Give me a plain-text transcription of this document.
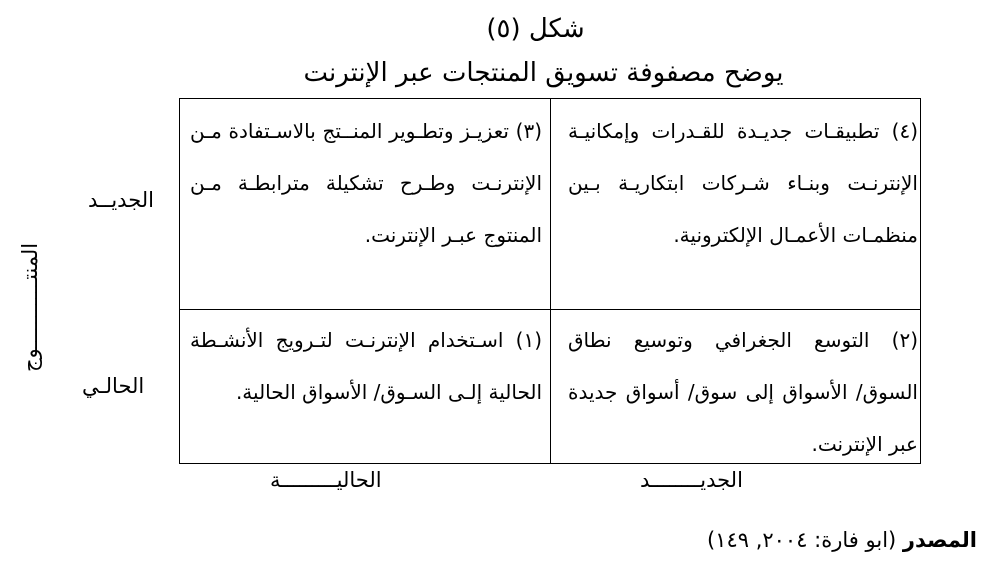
شكل (٥)
يوضح مصفوفة تسويق المنتجات عبر الإنترنت
المنتـــــــــــوج
الجديــد
الحالـي
(٤) تطبيقـات جديـدة للقـدرات وإمكانيـة الإنترنـت وبنـاء شـركات ابتكاريـة بـين منظمـات الأعمـال الإلكترونية.
(٣) تعزيـز وتطـوير المنــتج بالاسـتفادة مـن الإنترنـت وطـرح تشكيلة مترابطـة مـن المنتوج عبـر الإنترنت.
(٢) التوسع الجغرافي وتوسيع نطاق السوق/ الأسواق إلى سوق/ أسواق جديدة عبر الإنترنت.
(١) اسـتخدام الإنترنـت لتـرويج الأنشـطة الحالية إلـى السـوق/ الأسواق الحالية.
الجديــــــــد
الحاليـــــــــة
المصدر (ابو فارة: ٢٠٠٤, ١٤٩)
